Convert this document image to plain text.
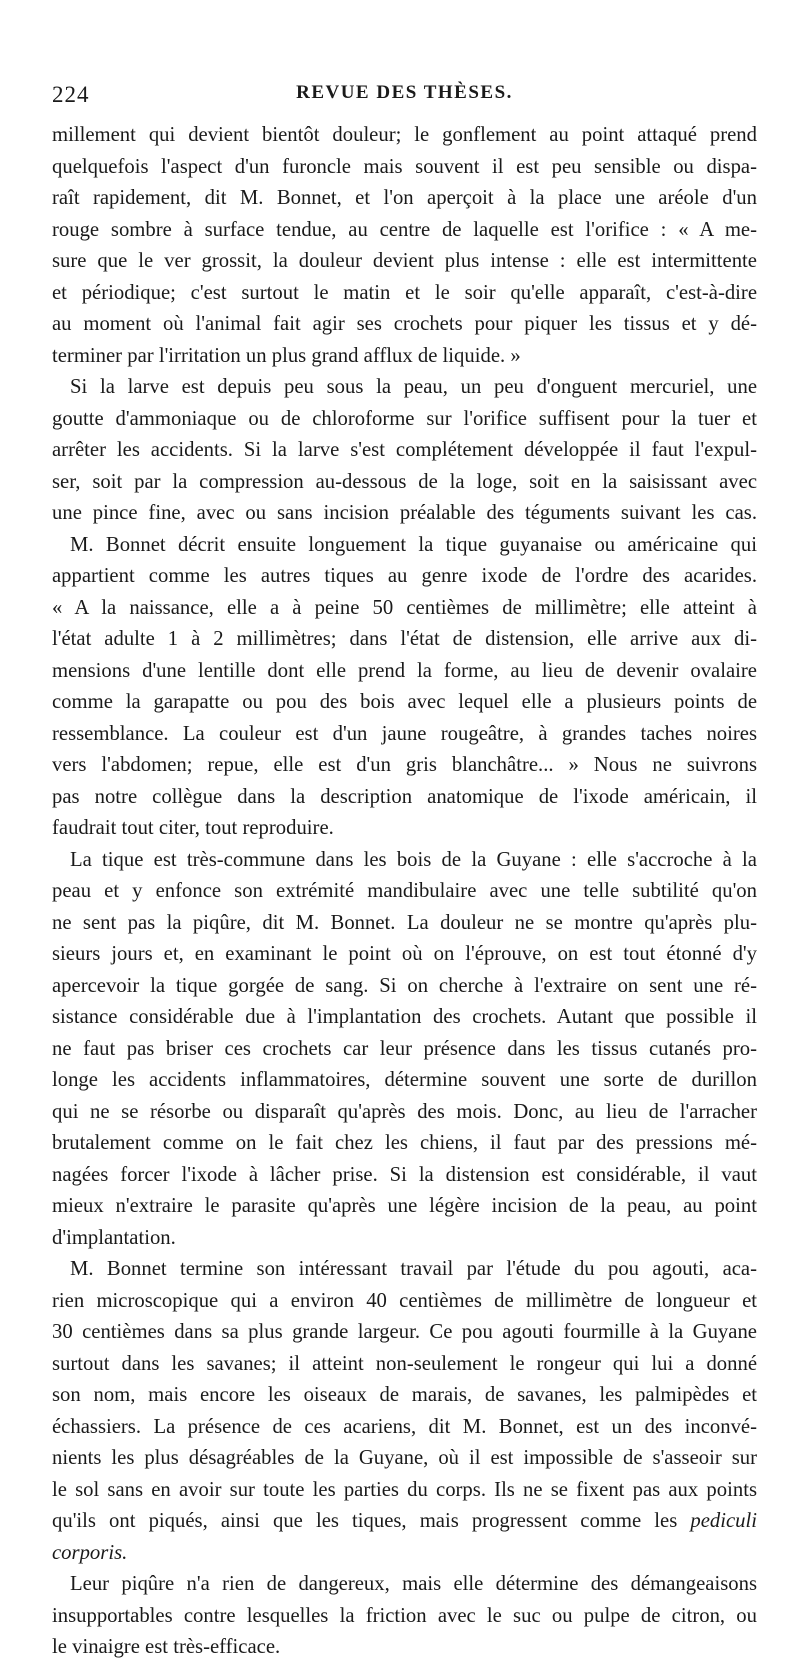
224	REVUE DES THÈSES.
millement qui devient bientôt douleur; le gonflement au point attaqué prend
quelquefois l'aspect d'un furoncle mais souvent il est peu sensible ou dispa-
raît rapidement, dit M. Bonnet, et l'on aperçoit à la place une aréole d'un
rouge sombre à surface tendue, au centre de laquelle est l'orifice : « A me-
sure que le ver grossit, la douleur devient plus intense : elle est intermittente
et périodique; c'est surtout le matin et le soir qu'elle apparaît, c'est-à-dire
au moment où l'animal fait agir ses crochets pour piquer les tissus et y dé-
terminer par l'irritation un plus grand afflux de liquide. »
Si la larve est depuis peu sous la peau, un peu d'onguent mercuriel, une
goutte d'ammoniaque ou de chloroforme sur l'orifice suffisent pour la tuer et
arrêter les accidents. Si la larve s'est complétement développée il faut l'expul-
ser, soit par la compression au-dessous de la loge, soit en la saisissant avec
une pince fine, avec ou sans incision préalable des téguments suivant les cas.
M. Bonnet décrit ensuite longuement la tique guyanaise ou américaine qui
appartient comme les autres tiques au genre ixode de l'ordre des acarides.
« A la naissance, elle a à peine 50 centièmes de millimètre; elle atteint à
l'état adulte 1 à 2 millimètres; dans l'état de distension, elle arrive aux di-
mensions d'une lentille dont elle prend la forme, au lieu de devenir ovalaire
comme la garapatte ou pou des bois avec lequel elle a plusieurs points de
ressemblance. La couleur est d'un jaune rougeâtre, à grandes taches noires
vers l'abdomen; repue, elle est d'un gris blanchâtre... » Nous ne suivrons
pas notre collègue dans la description anatomique de l'ixode américain, il
faudrait tout citer, tout reproduire.
La tique est très-commune dans les bois de la Guyane : elle s'accroche à la
peau et y enfonce son extrémité mandibulaire avec une telle subtilité qu'on
ne sent pas la piqûre, dit M. Bonnet. La douleur ne se montre qu'après plu-
sieurs jours et, en examinant le point où on l'éprouve, on est tout étonné d'y
apercevoir la tique gorgée de sang. Si on cherche à l'extraire on sent une ré-
sistance considérable due à l'implantation des crochets. Autant que possible il
ne faut pas briser ces crochets car leur présence dans les tissus cutanés pro-
longe les accidents inflammatoires, détermine souvent une sorte de durillon
qui ne se résorbe ou disparaît qu'après des mois. Donc, au lieu de l'arracher
brutalement comme on le fait chez les chiens, il faut par des pressions mé-
nagées forcer l'ixode à lâcher prise. Si la distension est considérable, il vaut
mieux n'extraire le parasite qu'après une légère incision de la peau, au point
d'implantation.
M. Bonnet termine son intéressant travail par l'étude du pou agouti, aca-
rien microscopique qui a environ 40 centièmes de millimètre de longueur et
30 centièmes dans sa plus grande largeur. Ce pou agouti fourmille à la Guyane
surtout dans les savanes; il atteint non-seulement le rongeur qui lui a donné
son nom, mais encore les oiseaux de marais, de savanes, les palmipèdes et
échassiers. La présence de ces acariens, dit M. Bonnet, est un des inconvé-
nients les plus désagréables de la Guyane, où il est impossible de s'asseoir sur
le sol sans en avoir sur toute les parties du corps. Ils ne se fixent pas aux points
qu'ils ont piqués, ainsi que les tiques, mais progressent comme les pediculi
corporis.
Leur piqûre n'a rien de dangereux, mais elle détermine des démangeaisons
insupportables contre lesquelles la friction avec le suc ou pulpe de citron, ou
le vinaigre est très-efficace.
